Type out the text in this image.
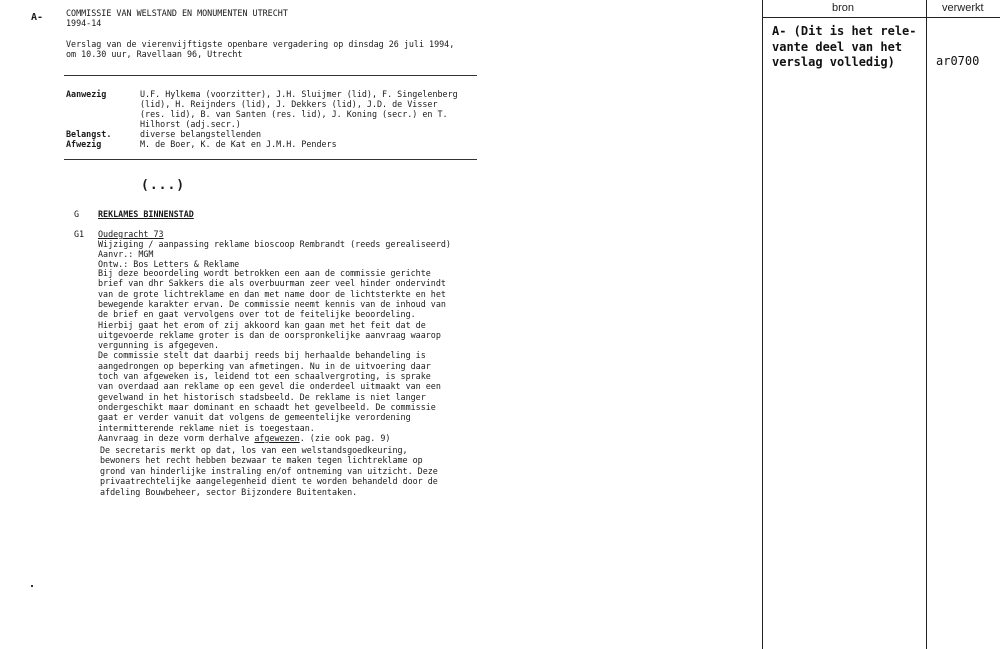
A-	COMMISSIE VAN WELSTAND EN MONUMENTEN UTRECHT
1994-14
Verslag van de vierenvijftigste openbare vergadering op dinsdag 26 juli 1994,
om 10.30 uur, Ravellaan 96, Utrecht
Aanwezig	U.F. Hylkema (voorzitter), J.H. Sluijmer (lid), F. Singelenberg
(lid), H. Reijnders (lid), J. Dekkers (lid), J.D. de Visser
(res. lid), B. van Santen (res. lid), J. Koning (secr.) en T.
Hilhorst (adj.secr.)
Belangst.	diverse belangstellenden
Afwezig	M. de Boer, K. de Kat en J.M.H. Penders
(...)
G REKLAMES BINNENSTAD
G1 Oudegracht 73
Wijziging / aanpassing reklame bioscoop Rembrandt (reeds gerealiseerd)
Aanvr.: MGM
Ontw.: Bos Letters & Reklame
Bij deze beoordeling wordt betrokken een aan de commissie gerichte
brief van dhr Sakkers die als overbuurman zeer veel hinder ondervindt
van de grote lichtreklame en dan met name door de lichtsterkte en het
bewegende karakter ervan. De commissie neemt kennis van de inhoud van
de brief en gaat vervolgens over tot de feitelijke beoordeling.
Hierbij gaat het erom of zij akkoord kan gaan met het feit dat de
uitgevoerde reklame groter is dan de oorspronkelijke aanvraag waarop
vergunning is afgegeven.
De commissie stelt dat daarbij reeds bij herhaalde behandeling is
aangedrongen op beperking van afmetingen. Nu in de uitvoering daar
toch van afgeweken is, leidend tot een schaalvergroting, is sprake
van overdaad aan reklame op een gevel die onderdeel uitmaakt van een
gevelwand in het historisch stadsbeeld. De reklame is niet langer
ondergeschikt maar dominant en schaadt het gevelbeeld. De commissie
gaat er verder vanuit dat volgens de gemeentelijke verordening
intermitterende reklame niet is toegestaan.
Aanvraag in deze vorm derhalve afgewezen. (zie ook pag. 9)
De secretaris merkt op dat, los van een welstandsgoedkeuring,
bewoners het recht hebben bezwaar te maken tegen lichtreklame op
grond van hinderlijke instraling en/of ontneming van uitzicht. Deze
privaatrechtelijke aangelegenheid dient te worden behandeld door de
afdeling Bouwbeheer, sector Bijzondere Buitentaken.
bron	verwerkt
A- (Dit is het rele-
vante deel van het
verslag volledig)	ar0700
